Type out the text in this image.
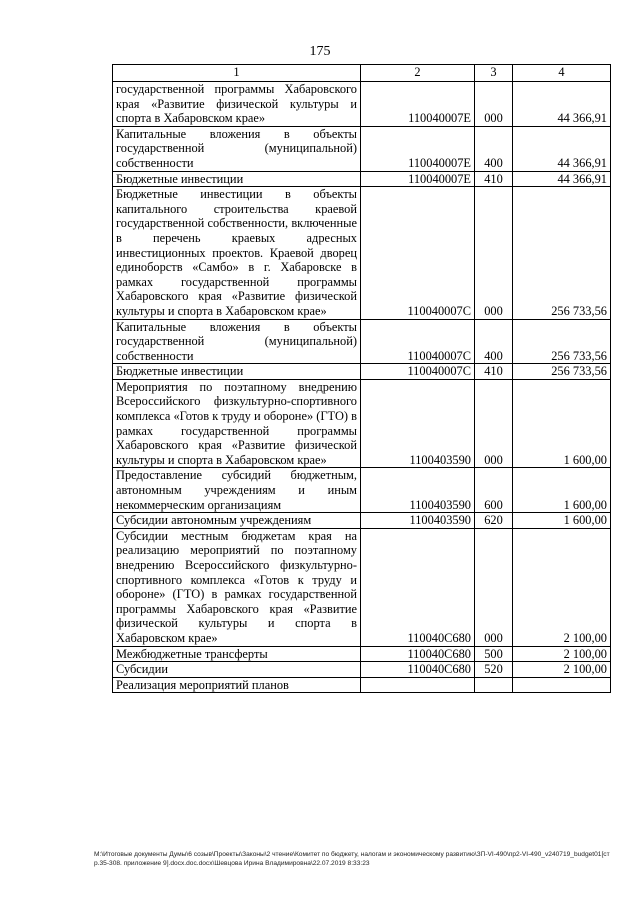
175
1	2	3	4
государственной программы Хабаровского края «Развитие физической культуры и спорта в Хабаровском крае»	110040007E	000	44 366,91
Капитальные вложения в объекты государственной (муниципальной) собственности	110040007E	400	44 366,91
Бюджетные инвестиции	110040007E	410	44 366,91
Бюджетные инвестиции в объекты капитального строительства краевой государственной собственности, включенные в перечень краевых адресных инвестиционных проектов. Краевой дворец единоборств «Самбо» в г. Хабаровске в рамках государственной программы Хабаровского края «Развитие физической культуры и спорта в Хабаровском крае»	110040007C	000	256 733,56
Капитальные вложения в объекты государственной (муниципальной) собственности	110040007C	400	256 733,56
Бюджетные инвестиции	110040007C	410	256 733,56
Мероприятия по поэтапному внедрению Всероссийского физкультурно-спортивного комплекса «Готов к труду и обороне» (ГТО) в рамках государственной программы Хабаровского края «Развитие физической культуры и спорта в Хабаровском крае»	1100403590	000	1 600,00
Предоставление субсидий бюджетным, автономным учреждениям и иным некоммерческим организациям	1100403590	600	1 600,00
Субсидии автономным учреждениям	1100403590	620	1 600,00
Субсидии местным бюджетам края на реализацию мероприятий по поэтапному внедрению Всероссийского физкультурно-спортивного комплекса «Готов к труду и обороне» (ГТО) в рамках государственной программы Хабаровского края «Развитие физической культуры и спорта в Хабаровском крае»	110040С680	000	2 100,00
Межбюджетные трансферты	110040С680	500	2 100,00
Субсидии	110040С680	520	2 100,00
Реализация мероприятий планов			
M:\Итоговые документы Думы\6 созыв\Проекты\Законы\2 чтение\Комитет по бюджету, налогам и экономическому развитию\ЗП-VI-490\пр2-VI-490_v240719_budget01[стр.35-308. приложение 9].docx.doc.docx\Шевцова Ирина Владимировна\22.07.2019 8:33:23
